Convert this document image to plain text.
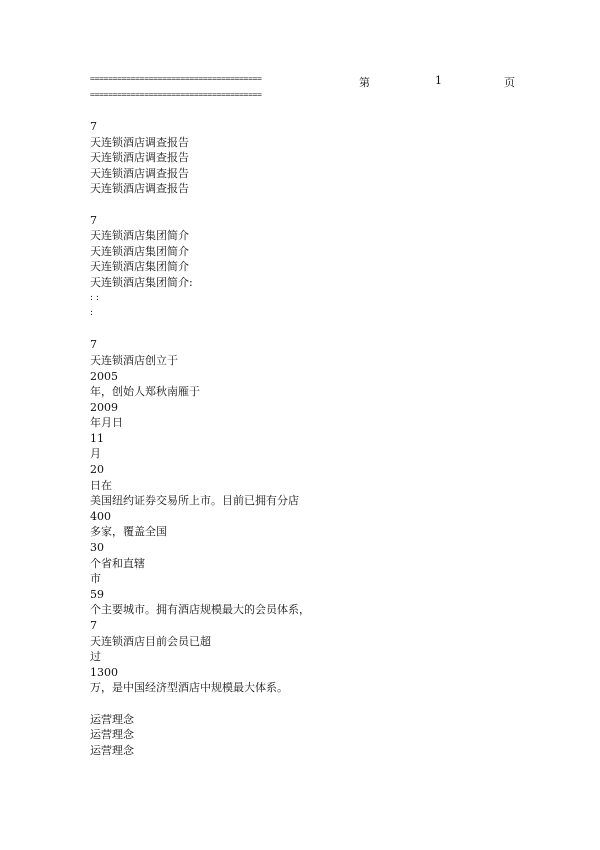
======================================
======================================
第	1	页
7
天连锁酒店调查报告
天连锁酒店调查报告
天连锁酒店调查报告
天连锁酒店调查报告
7
天连锁酒店集团简介
天连锁酒店集团简介
天连锁酒店集团简介
天连锁酒店集团简介:
: :
:
7
天连锁酒店创立于
2005
年，创始人郑秋南雁于
2009
年月日
11
月
20
日在
美国纽约证券交易所上市。目前已拥有分店
400
多家，覆盖全国
30
个省和直辖
市
59
个主要城市。拥有酒店规模最大的会员体系，
7
天连锁酒店目前会员已超
过
1300
万，是中国经济型酒店中规模最大体系。
运营理念
运营理念
运营理念
